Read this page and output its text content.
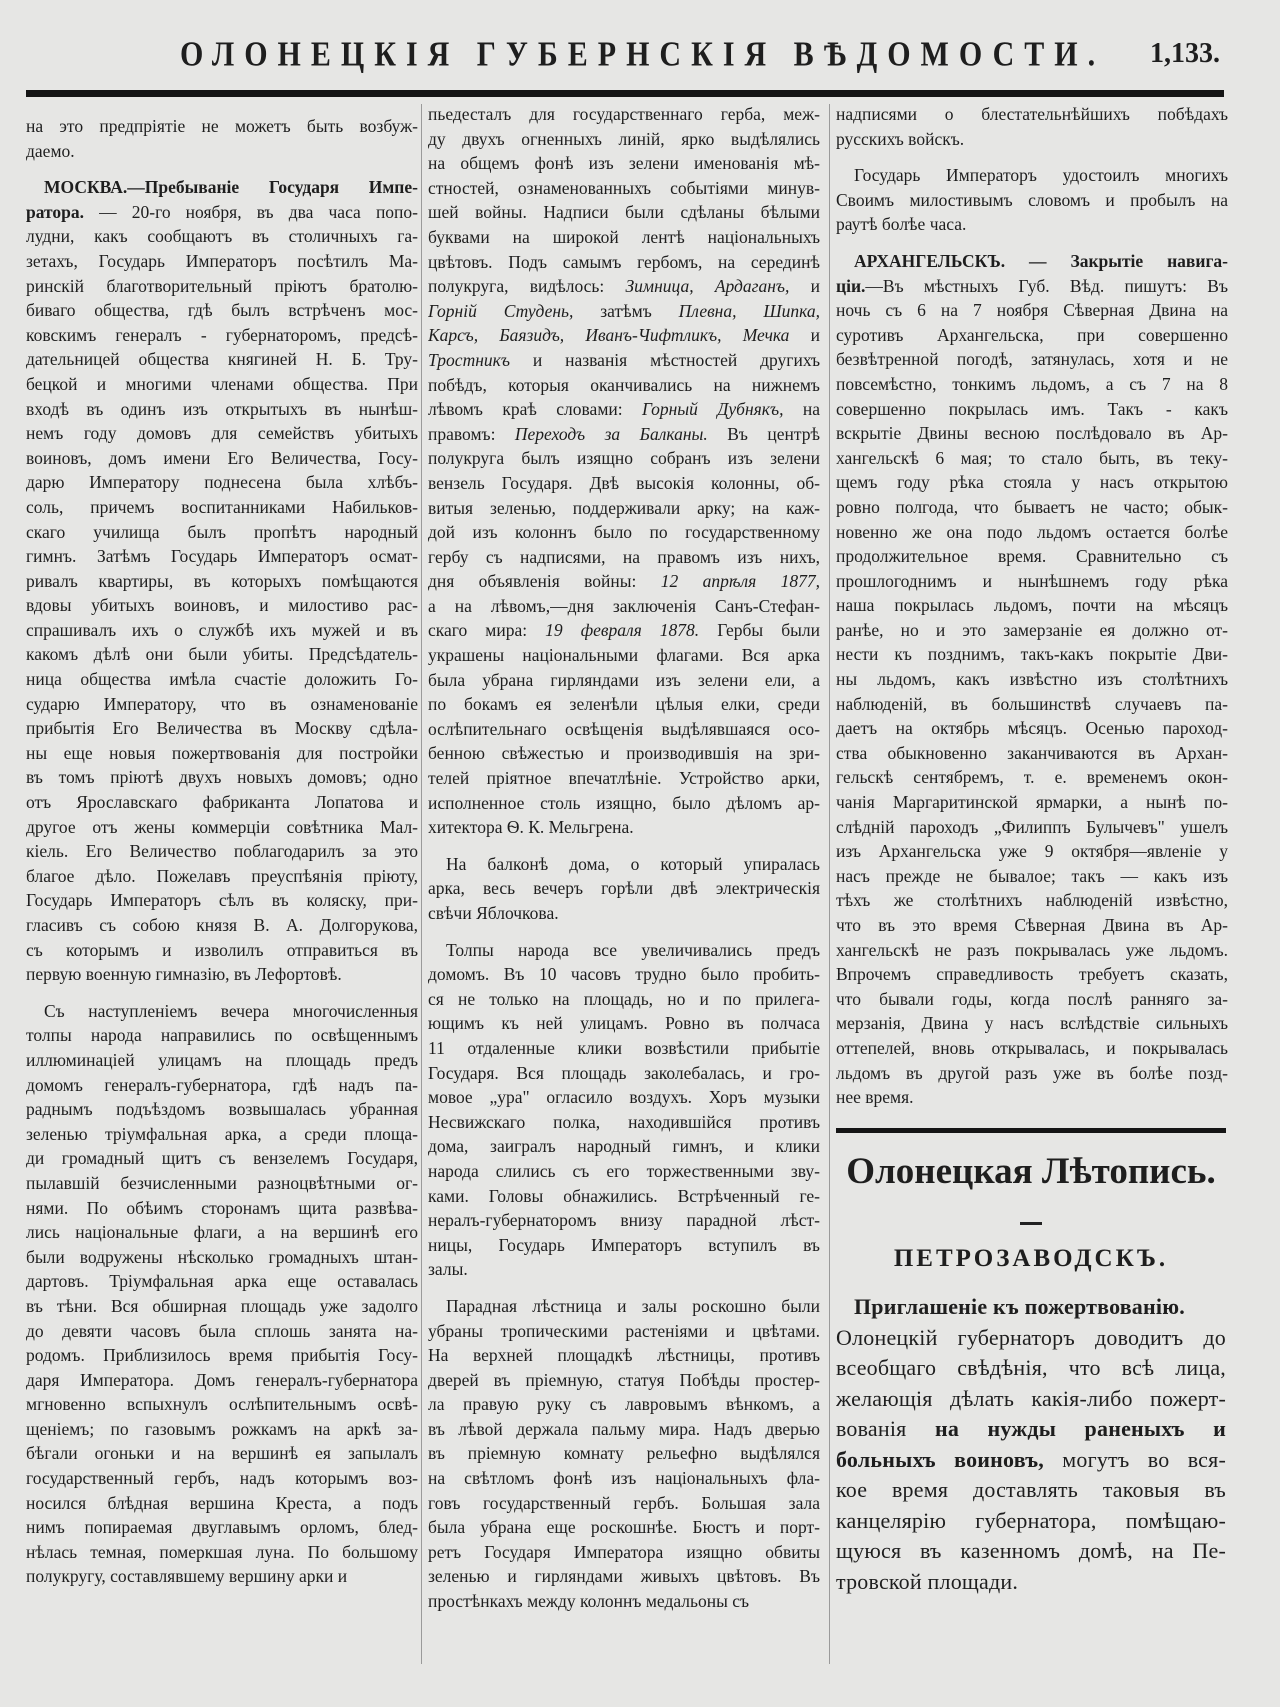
ОЛОНЕЦКІЯ ГУБЕРНСКІЯ ВѢДОМОСТИ. 1,133.
на это предпріятіе не можетъ быть возбуж-
даемо.
МОСКВА.—Пребываніе Государя Импе-
ратора. — 20-го ноября, въ два часа попо-
лудни, какъ сообщаютъ въ столичныхъ га-
зетахъ, Государь Императоръ посѣтилъ Ма-
ринскій благотворительный пріютъ братолю-
биваго общества, гдѣ былъ встрѣченъ мос-
ковскимъ генералъ - губернаторомъ, предсѣ-
дательницей общества княгиней Н. Б. Тру-
бецкой и многими членами общества. При
входѣ въ одинъ изъ открытыхъ въ нынѣш-
немъ году домовъ для семействъ убитыхъ
воиновъ, домъ имени Его Величества, Госу-
дарю Императору поднесена была хлѣбъ-
соль, причемъ воспитанниками Набильков-
скаго училища былъ пропѣтъ народный
гимнъ. Затѣмъ Государь Императоръ осмат-
ривалъ квартиры, въ которыхъ помѣщаются
вдовы убитыхъ воиновъ, и милостиво рас-
спрашивалъ ихъ о службѣ ихъ мужей и въ
какомъ дѣлѣ они были убиты. Предсѣдатель-
ница общества имѣла счастіе доложить Го-
сударю Императору, что въ ознаменованіе
прибытія Его Величества въ Москву сдѣла-
ны еще новыя пожертвованія для постройки
въ томъ пріютѣ двухъ новыхъ домовъ; одно
отъ Ярославскаго фабриканта Лопатова и
другое отъ жены коммерціи совѣтника Мал-
кіель. Его Величество поблагодарилъ за это
благое дѣло. Пожелавъ преуспѣянія пріюту,
Государь Императоръ сѣлъ въ коляску, при-
гласивъ съ собою князя В. А. Долгорукова,
съ которымъ и изволилъ отправиться въ
первую военную гимназію, въ Лефортовѣ.
Съ наступленіемъ вечера многочисленныя
толпы народа направились по освѣщеннымъ
иллюминаціей улицамъ на площадь предъ
домомъ генералъ-губернатора, гдѣ надъ па-
раднымъ подъѣздомъ возвышалась убранная
зеленью тріумфальная арка, а среди площа-
ди громадный щитъ съ вензелемъ Государя,
пылавшій безчисленными разноцвѣтными ог-
нями. По обѣимъ сторонамъ щита развѣва-
лись національные флаги, а на вершинѣ его
были водружены нѣсколько громадныхъ штан-
дартовъ. Тріумфальная арка еще оставалась
въ тѣни. Вся обширная площадь уже задолго
до девяти часовъ была сплошь занята на-
родомъ. Приблизилось время прибытія Госу-
даря Императора. Домъ генералъ-губернатора
мгновенно вспыхнулъ ослѣпительнымъ освѣ-
щеніемъ; по газовымъ рожкамъ на аркѣ за-
бѣгали огоньки и на вершинѣ ея запылалъ
государственный гербъ, надъ которымъ воз-
носился блѣдная вершина Креста, а подъ
нимъ попираемая двуглавымъ орломъ, блед-
нѣлась темная, померкшая луна. По большому
полукругу, составлявшему вершину арки и
пьедесталъ для государственнаго герба, меж-
ду двухъ огненныхъ линій, ярко выдѣлялись
на общемъ фонѣ изъ зелени именованія мѣ-
стностей, ознаменованныхъ событіями минув-
шей войны. Надписи были сдѣланы бѣлыми
буквами на широкой лентѣ національныхъ
цвѣтовъ. Подъ самымъ гербомъ, на серединѣ
полукруга, видѣлось: Зимница, Ардаганъ, и
Горній Студень, затѣмъ Плевна, Шипка,
Карсъ, Баязидъ, Иванъ-Чифтликъ, Мечка и
Тростникъ и названія мѣстностей другихъ
побѣдъ, которыя оканчивались на нижнемъ
лѣвомъ краѣ словами: Горный Дубнякъ, на
правомъ: Переходъ за Балканы. Въ центрѣ
полукруга былъ изящно собранъ изъ зелени
вензель Государя. Двѣ высокія колонны, об-
витыя зеленью, поддерживали арку; на каж-
дой изъ колоннъ было по государственному
гербу съ надписями, на правомъ изъ нихъ,
дня объявленія войны: 12 апрѣля 1877,
а на лѣвомъ,—дня заключенія Санъ-Стефан-
скаго мира: 19 февраля 1878. Гербы были
украшены національными флагами. Вся арка
была убрана гирляндами изъ зелени ели, а
по бокамъ ея зеленѣли цѣлыя елки, среди
ослѣпительнаго освѣщенія выдѣлявшаяся осо-
бенною свѣжестью и производившія на зри-
телей пріятное впечатлѣніе. Устройство арки,
исполненное столь изящно, было дѣломъ ар-
хитектора Ѳ. К. Мельгрена.
На балконѣ дома, о который упиралась
арка, весь вечеръ горѣли двѣ электрическія
свѣчи Яблочкова.
Толпы народа все увеличивались предъ
домомъ. Въ 10 часовъ трудно было пробить-
ся не только на площадь, но и по прилега-
ющимъ къ ней улицамъ. Ровно въ полчаса
11 отдаленные клики возвѣстили прибытіе
Государя. Вся площадь заколебалась, и гро-
мовое „ура" огласило воздухъ. Хоръ музыки
Несвижскаго полка, находившійся противъ
дома, заигралъ народный гимнъ, и клики
народа слились съ его торжественными зву-
ками. Головы обнажились. Встрѣченный ге-
нералъ-губернаторомъ внизу парадной лѣст-
ницы, Государь Императоръ вступилъ въ
залы.
Парадная лѣстница и залы роскошно были
убраны тропическими растеніями и цвѣтами.
На верхней площадкѣ лѣстницы, противъ
дверей въ пріемную, статуя Побѣды простер-
ла правую руку съ лавровымъ вѣнкомъ, а
въ лѣвой держала пальму мира. Надъ дверью
въ пріемную комнату рельефно выдѣлялся
на свѣтломъ фонѣ изъ національныхъ фла-
говъ государственный гербъ. Большая зала
была убрана еще роскошнѣе. Бюстъ и порт-
ретъ Государя Императора изящно обвиты
зеленью и гирляндами живыхъ цвѣтовъ. Въ
простѣнкахъ между колоннъ медальоны съ
надписями о блестательнѣйшихъ побѣдахъ
русскихъ войскъ.
Государь Императоръ удостоилъ многихъ
Своимъ милостивымъ словомъ и пробылъ на
раутѣ болѣе часа.
АРХАНГЕЛЬСКЪ. — Закрытіе навига-
ціи.—Въ мѣстныхъ Губ. Вѣд. пишутъ: Въ
ночь съ 6 на 7 ноября Сѣверная Двина на
суротивъ Архангельска, при совершенно
безвѣтренной погодѣ, затянулась, хотя и не
повсемѣстно, тонкимъ льдомъ, а съ 7 на 8
совершенно покрылась имъ. Такъ - какъ
вскрытіе Двины весною послѣдовало въ Ар-
хангельскѣ 6 мая; то стало быть, въ теку-
щемъ году рѣка стояла у насъ открытою
ровно полгода, что бываетъ не часто; обык-
новенно же она подо льдомъ остается болѣе
продолжительное время. Сравнительно съ
прошлогоднимъ и нынѣшнемъ году рѣка
наша покрылась льдомъ, почти на мѣсяцъ
ранѣе, но и это замерзаніе ея должно от-
нести къ позднимъ, такъ-какъ покрытіе Дви-
ны льдомъ, какъ извѣстно изъ столѣтнихъ
наблюденій, въ большинствѣ случаевъ па-
даетъ на октябрь мѣсяцъ. Осенью пароход-
ства обыкновенно заканчиваются въ Архан-
гельскѣ сентябремъ, т. е. временемъ окон-
чанія Маргаритинской ярмарки, а нынѣ по-
слѣдній пароходъ „Филиппъ Булычевъ" ушелъ
изъ Архангельска уже 9 октября—явленіе у
насъ прежде не бывалое; такъ — какъ изъ
тѣхъ же столѣтнихъ наблюденій извѣстно,
что въ это время Сѣверная Двина въ Ар-
хангельскѣ не разъ покрывалась уже льдомъ.
Впрочемъ справедливость требуетъ сказать,
что бывали годы, когда послѣ ранняго за-
мерзанія, Двина у насъ вслѣдствіе сильныхъ
оттепелей, вновь открывалась, и покрывалась
льдомъ въ другой разъ уже въ болѣе позд-
нее время.
Олонецкая Лѣтопись.
ПЕТРОЗАВОДСКЪ.
Приглашеніе къ пожертвованію.
Олонецкій губернаторъ доводитъ до
всеобщаго свѣдѣнія, что всѣ лица,
желающія дѣлать какія-либо пожерт-
вованія на нужды раненыхъ и
больныхъ воиновъ, могутъ во вся-
кое время доставлять таковыя въ
канцелярію губернатора, помѣщаю-
щуюся въ казенномъ домѣ, на Пе-
тровской площади.
